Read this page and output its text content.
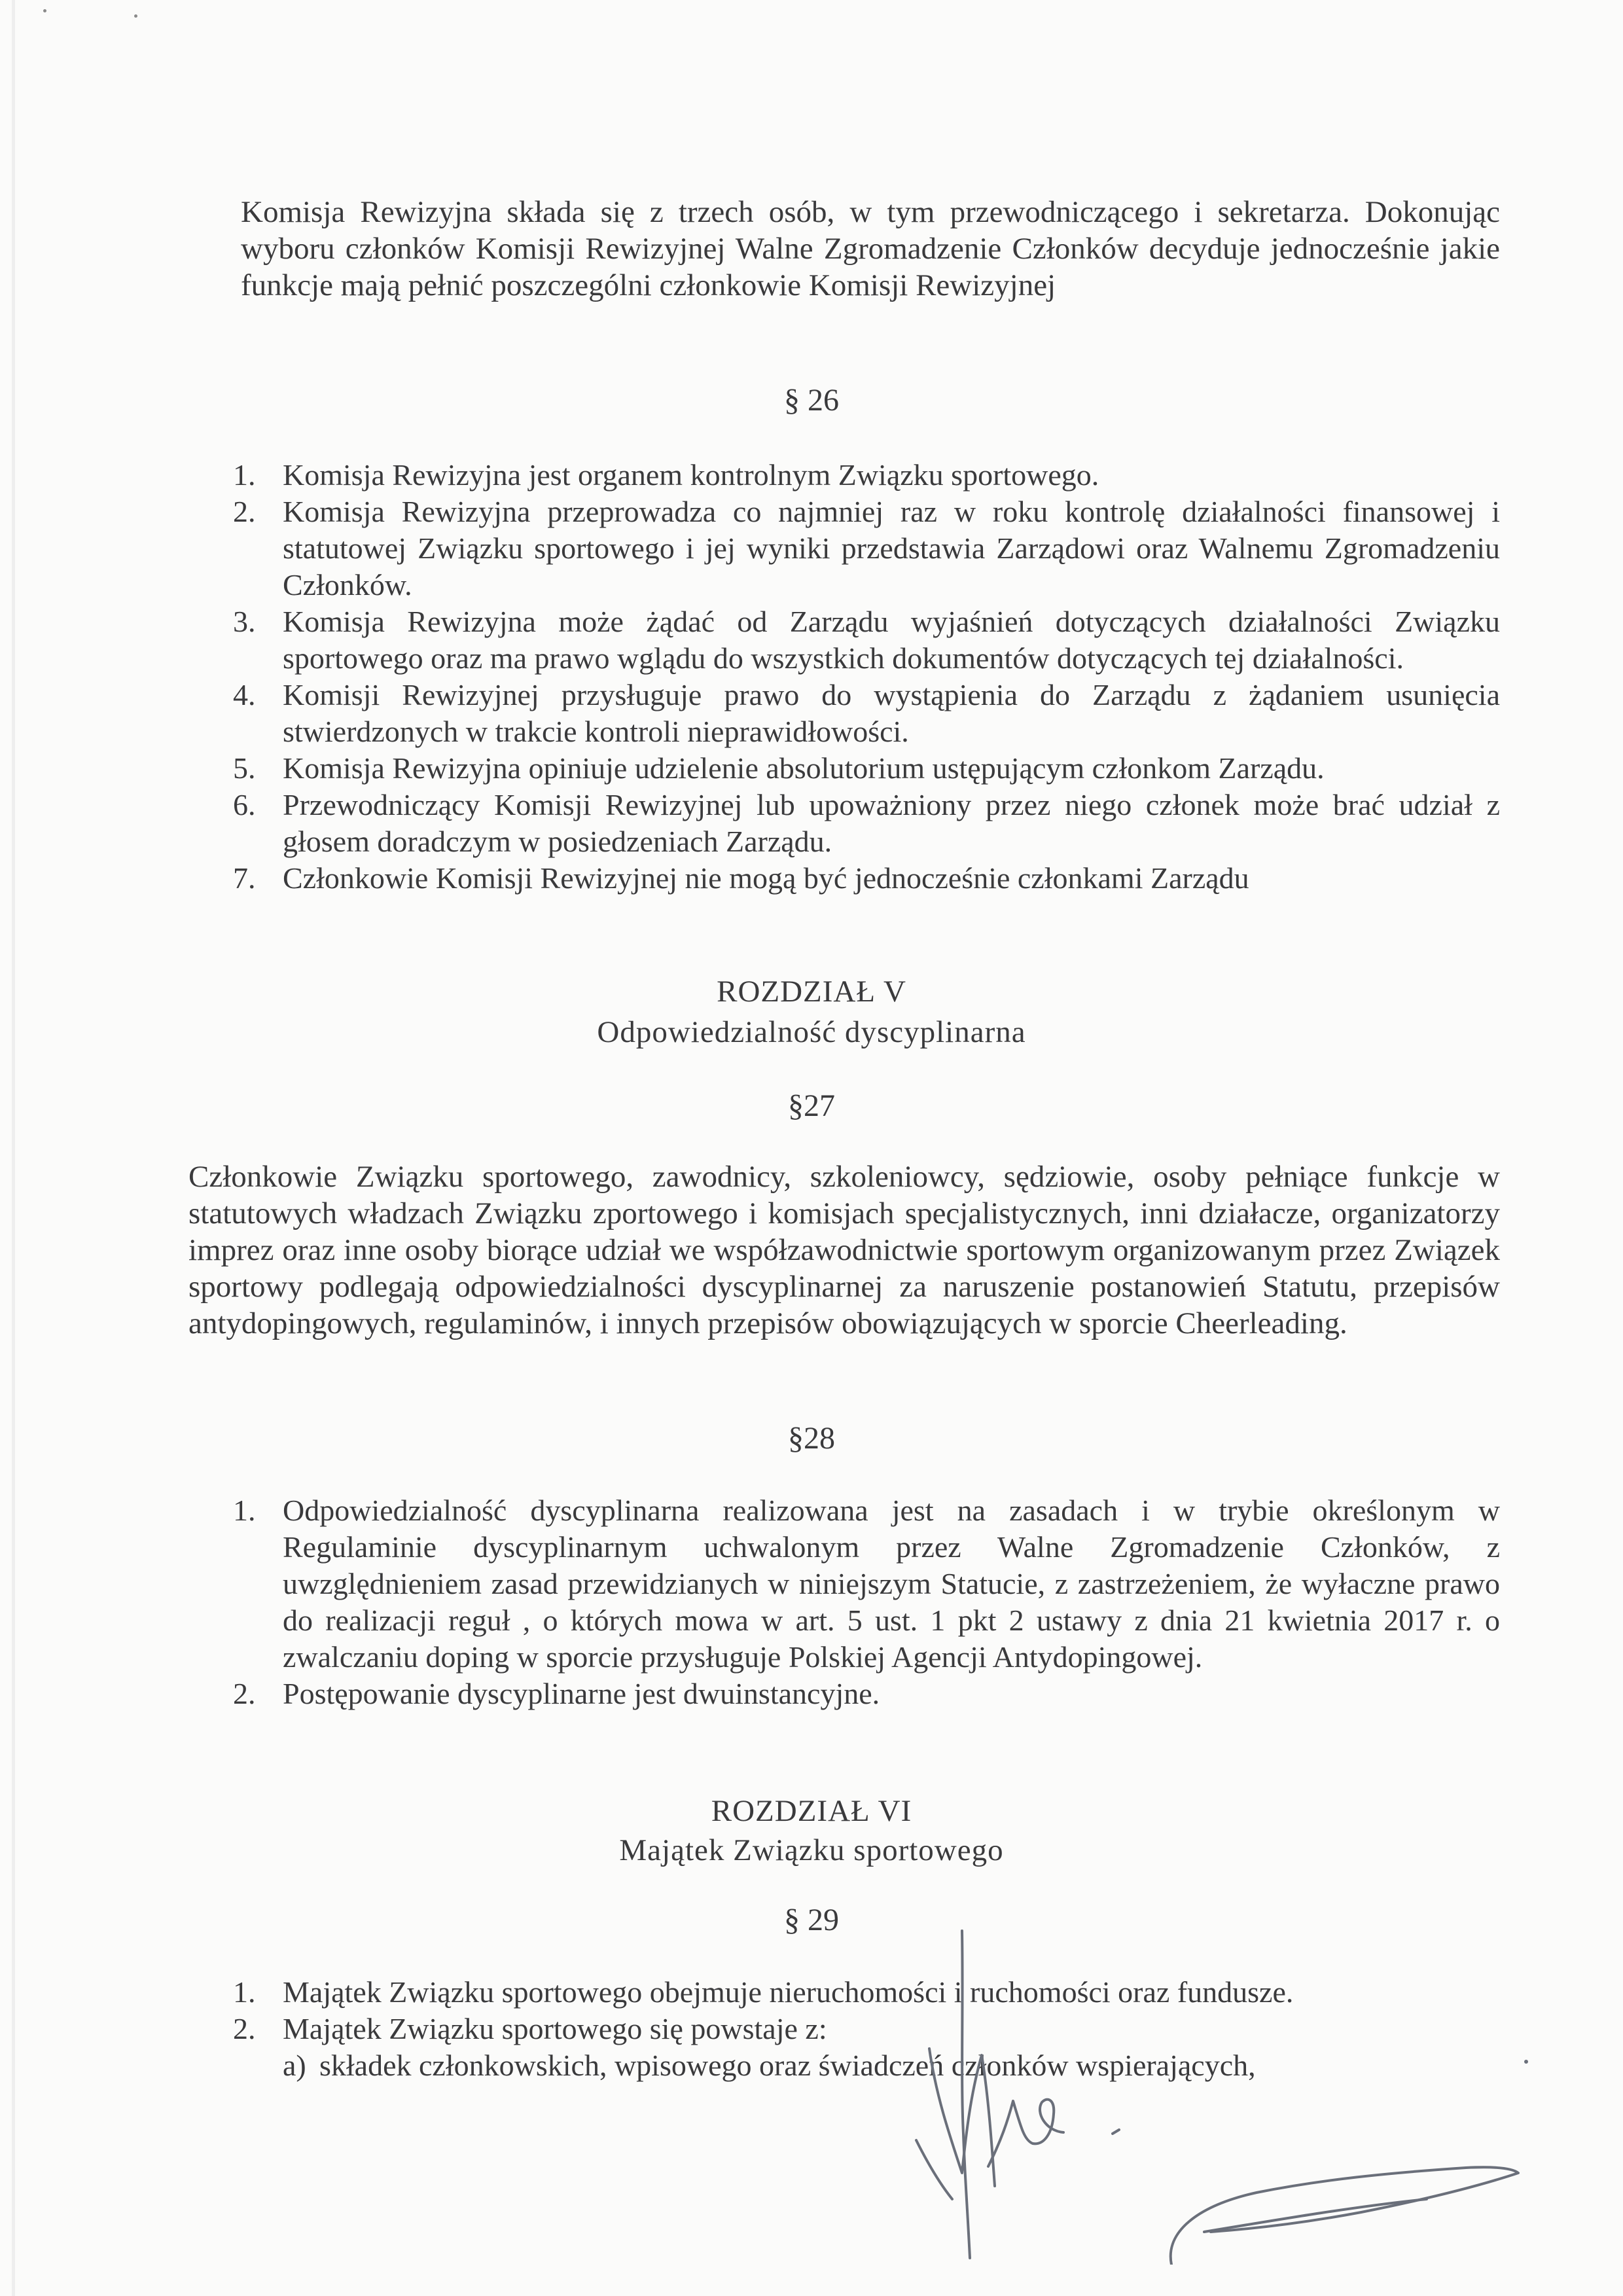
Komisja Rewizyjna składa się z trzech osób, w tym przewodniczącego i sekretarza. Dokonując wyboru członków Komisji Rewizyjnej Walne Zgromadzenie Członków decyduje jednocześnie jakie funkcje mają pełnić poszczególni członkowie Komisji Rewizyjnej

§ 26
1. Komisja Rewizyjna jest organem kontrolnym Związku sportowego.
2. Komisja Rewizyjna przeprowadza co najmniej raz w roku kontrolę działalności finansowej i statutowej Związku sportowego i jej wyniki przedstawia Zarządowi oraz Walnemu Zgromadzeniu Członków.
3. Komisja Rewizyjna może żądać od Zarządu wyjaśnień dotyczących działalności Związku sportowego oraz ma prawo wglądu do wszystkich dokumentów dotyczących tej działalności.
4. Komisji Rewizyjnej przysługuje prawo do wystąpienia do Zarządu z żądaniem usunięcia stwierdzonych w trakcie kontroli nieprawidłowości.
5. Komisja Rewizyjna opiniuje udzielenie absolutorium ustępującym członkom Zarządu.
6. Przewodniczący Komisji Rewizyjnej lub upoważniony przez niego członek może brać udział z głosem doradczym w posiedzeniach Zarządu.
7. Członkowie Komisji Rewizyjnej nie mogą być jednocześnie członkami Zarządu
ROZDZIAŁ V
Odpowiedzialność dyscyplinarna
§27

Członkowie Związku sportowego, zawodnicy, szkoleniowcy, sędziowie, osoby pełniące funkcje w statutowych władzach Związku zportowego i komisjach specjalistycznych, inni działacze, organizatorzy imprez oraz inne osoby biorące udział we współzawodnictwie sportowym organizowanym przez Związek sportowy podlegają odpowiedzialności dyscyplinarnej za naruszenie postanowień Statutu, przepisów antydopingowych, regulaminów, i innych przepisów obowiązujących w sporcie Cheerleading.

§28
1. Odpowiedzialność dyscyplinarna realizowana jest na zasadach i w trybie określonym w Regulaminie dyscyplinarnym uchwalonym przez Walne Zgromadzenie Członków, z uwzględnieniem zasad przewidzianych w niniejszym Statucie, z zastrzeżeniem, że wyłaczne prawo do realizacji reguł , o których mowa w art. 5 ust. 1 pkt 2 ustawy z dnia 21 kwietnia 2017 r. o zwalczaniu doping w sporcie przysługuje Polskiej Agencji Antydopingowej.
2. Postępowanie dyscyplinarne jest dwuinstancyjne.
ROZDZIAŁ VI
Majątek Związku sportowego
§ 29
1. Majątek Związku sportowego obejmuje nieruchomości i ruchomości oraz fundusze.
2. Majątek Związku sportowego się powstaje z:
a) składek członkowskich, wpisowego oraz świadczeń członków wspierających,
